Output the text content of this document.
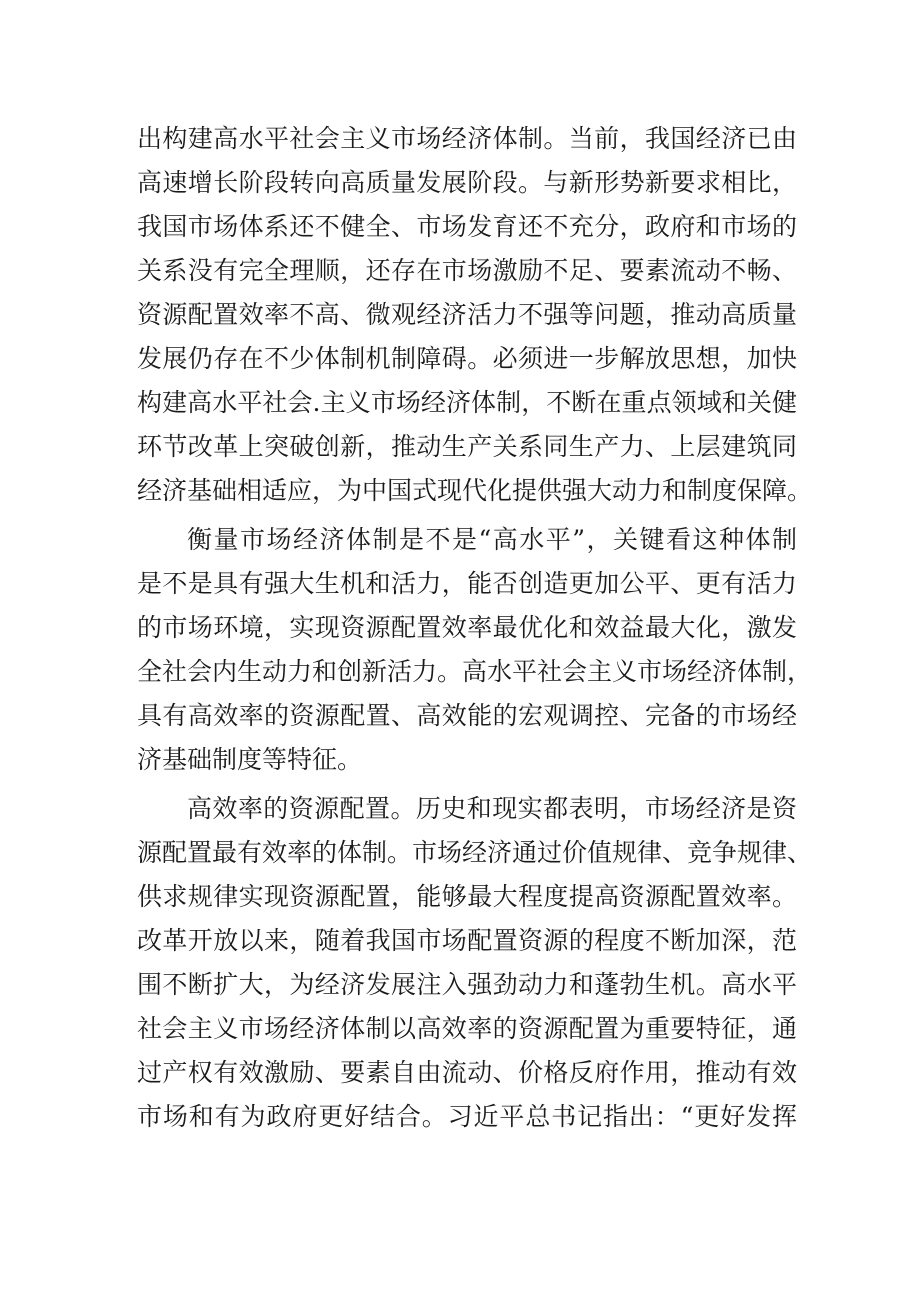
出构建高水平社会主义市场经济体制。当前，我国经济已由
高速增长阶段转向高质量发展阶段。与新形势新要求相比，
我国市场体系还不健全、市场发育还不充分，政府和市场的
关系没有完全理顺，还存在市场激励不足、要素流动不畅、
资源配置效率不高、微观经济活力不强等问题，推动高质量
发展仍存在不少体制机制障碍。必须进一步解放思想，加快
构建高水平社会.主义市场经济体制，不断在重点领域和关健
环节改革上突破创新，推动生产关系同生产力、上层建筑同
经济基础相适应，为中国式现代化提供强大动力和制度保障。
衡量市场经济体制是不是“高水平”，关键看这种体制
是不是具有强大生机和活力，能否创造更加公平、更有活力
的市场环境，实现资源配置效率最优化和效益最大化，激发
全社会内生动力和创新活力。高水平社会主义市场经济体制，
具有高效率的资源配置、高效能的宏观调控、完备的市场经
济基础制度等特征。
高效率的资源配置。历史和现实都表明，市场经济是资
源配置最有效率的体制。市场经济通过价值规律、竞争规律、
供求规律实现资源配置，能够最大程度提高资源配置效率。
改革开放以来，随着我国市场配置资源的程度不断加深，范
围不断扩大，为经济发展注入强劲动力和蓬勃生机。高水平
社会主义市场经济体制以高效率的资源配置为重要特征，通
过产权有效激励、要素自由流动、价格反府作用，推动有效
市场和有为政府更好结合。习近平总书记指出：“更好发挥
